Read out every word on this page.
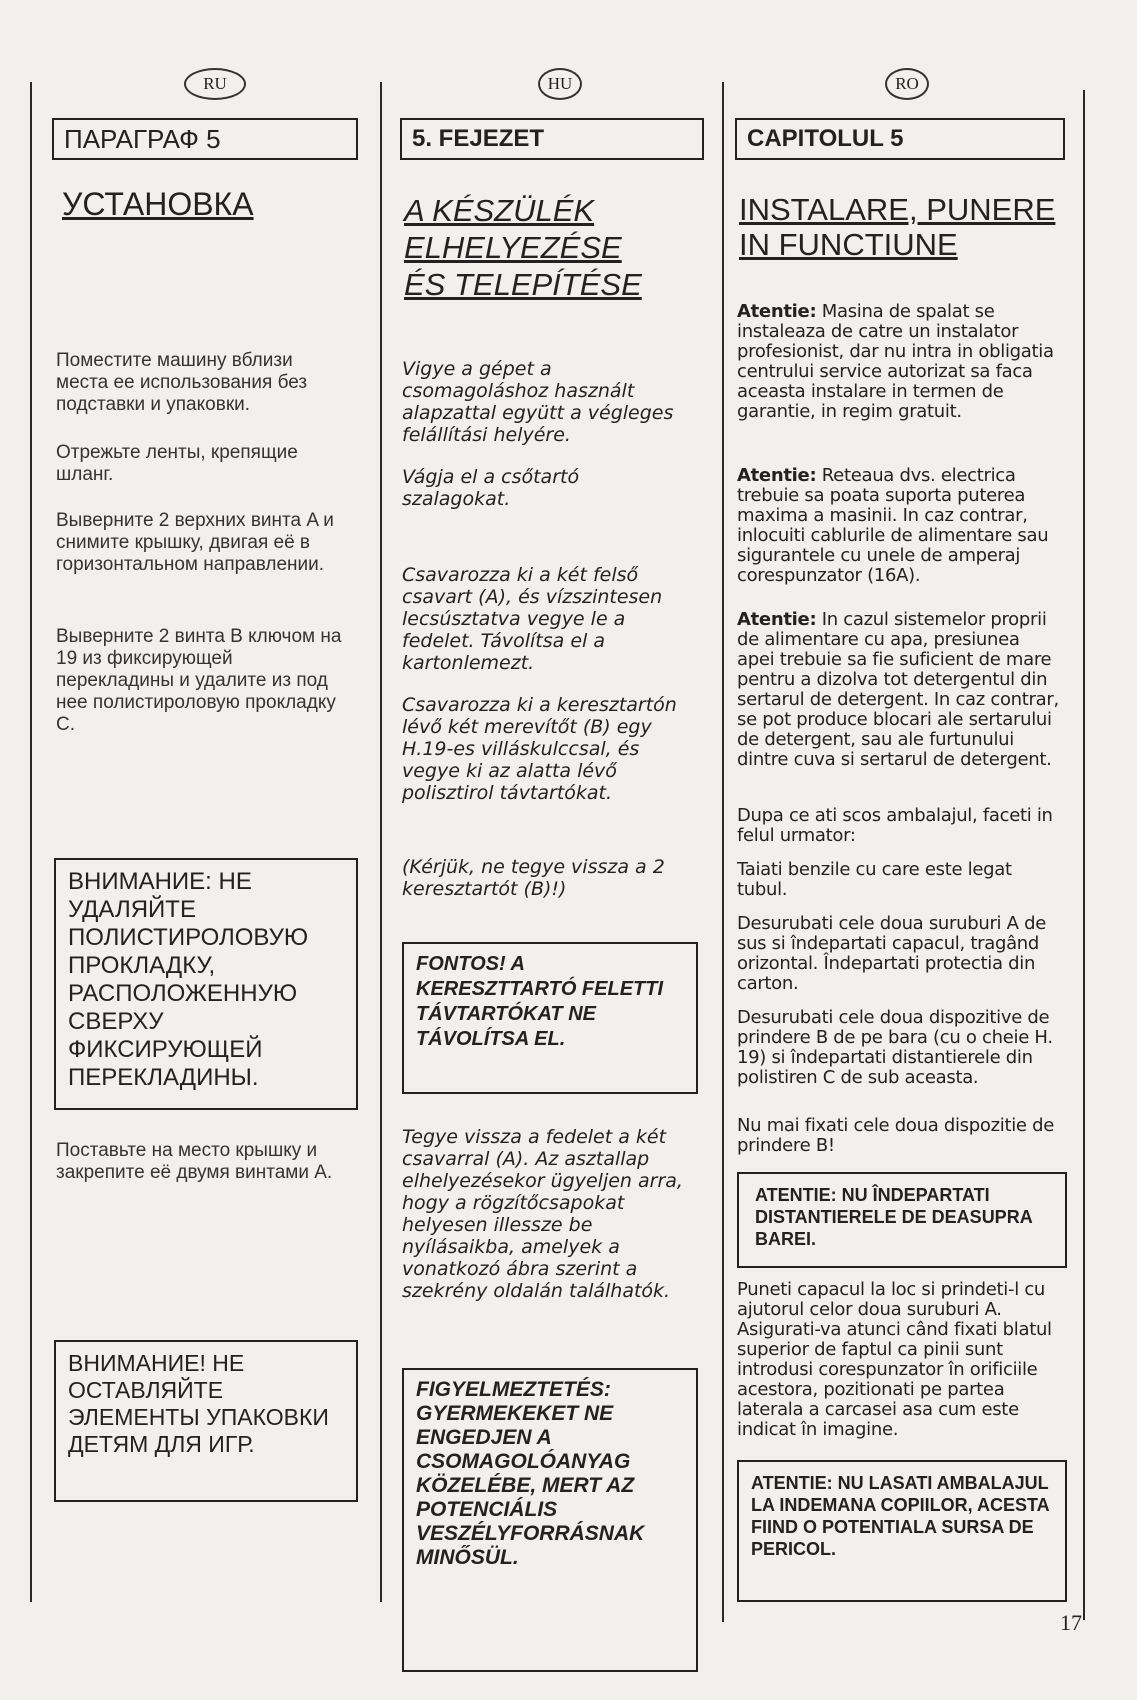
RU
ПАРАГРАФ 5
УСТАНОВКА
Поместите машину вблизи места ее использования без подставки и упаковки.
Отрежьте ленты, крепящие шланг.
Выверните 2 верхних винта A и снимите крышку, двигая её в горизонтальном направлении.
Выверните 2 винта B ключом на 19 из фиксирующей перекладины и удалите из под нее полистироловую прокладку C.
ВНИМАНИЕ: НЕ УДАЛЯЙТЕ ПОЛИСТИРОЛОВУЮ ПРОКЛАДКУ, РАСПОЛОЖЕННУЮ СВЕРХУ ФИКСИРУЮЩЕЙ ПЕРЕКЛАДИНЫ.
Поставьте на место крышку и закрепите её двумя винтами A.
ВНИМАНИЕ! НЕ ОСТАВЛЯЙТЕ ЭЛЕМЕНТЫ УПАКОВКИ ДЕТЯМ ДЛЯ ИГР.
HU
5. FEJEZET
A KÉSZÜLÉK ELHELYEZÉSE ÉS TELEPÍTÉSE
Vigye a gépet a csomagoláshoz használt alapzattal együtt a végleges felállítási helyére.
Vágja el a csőtartó szalagokat.
Csavarozza ki a két felső csavart (A), és vízszintesen lecsúsztatva vegye le a fedelet. Távolítsa el a kartonlemezt.
Csavarozza ki a keresztartón lévő két merevítőt (B) egy H.19-es villáskulccsal, és vegye ki az alatta lévő polisztirol távtartókat.
(Kérjük, ne tegye vissza a 2 keresztartót (B)!)
FONTOS! A KERESZTTARTÓ FELETTI TÁVTARTÓKAT NE TÁVOLÍTSA EL.
Tegye vissza a fedelet a két csavarral (A). Az asztallap elhelyezésekor ügyeljen arra, hogy a rögzítőcsapokat helyesen illessze be nyílásaikba, amelyek a vonatkozó ábra szerint a szekrény oldalán találhatók.
FIGYELMEZTETÉS: GYERMEKEKET NE ENGEDJEN A CSOMAGOLÓANYAG KÖZELÉBE, MERT AZ POTENCIÁLIS VESZÉLYFORRÁSNAK MINŐSÜL.
RO
CAPITOLUL 5
INSTALARE, PUNERE IN FUNCTIUNE
Atentie: Masina de spalat se instaleaza de catre un instalator profesionist, dar nu intra in obligatia centrului service autorizat sa faca aceasta instalare in termen de garantie, in regim gratuit.
Atentie: Reteaua dvs. electrica trebuie sa poata suporta puterea maxima a masinii. In caz contrar, inlocuiti cablurile de alimentare sau sigurantele cu unele de amperaj corespunzator (16A).
Atentie: In cazul sistemelor proprii de alimentare cu apa, presiunea apei trebuie sa fie suficient de mare pentru a dizolva tot detergentul din sertarul de detergent. In caz contrar, se pot produce blocari ale sertarului de detergent, sau ale furtunului dintre cuva si sertarul de detergent.
Dupa ce ati scos ambalajul, faceti in felul urmator:
Taiati benzile cu care este legat tubul.
Desurubati cele doua suruburi A de sus si îndepartati capacul, tragând orizontal. Îndepartati protectia din carton.
Desurubati cele doua dispozitive de prindere B de pe bara (cu o cheie H. 19) si îndepartati distantierele din polistiren C de sub aceasta.
Nu mai fixati cele doua dispozitie de prindere B!
ATENTIE: NU ÎNDEPARTATI DISTANTIERELE DE DEASUPRA BAREI.
Puneti capacul la loc si prindeti-l cu ajutorul celor doua suruburi A. Asigurati-va atunci când fixati blatul superior de faptul ca pinii sunt introdusi corespunzator în orificiile acestora, pozitionati pe partea laterala a carcasei asa cum este indicat în imagine.
ATENTIE: NU LASATI AMBALAJUL LA INDEMANA COPIILOR, ACESTA FIIND O POTENTIALA SURSA DE PERICOL.
17
